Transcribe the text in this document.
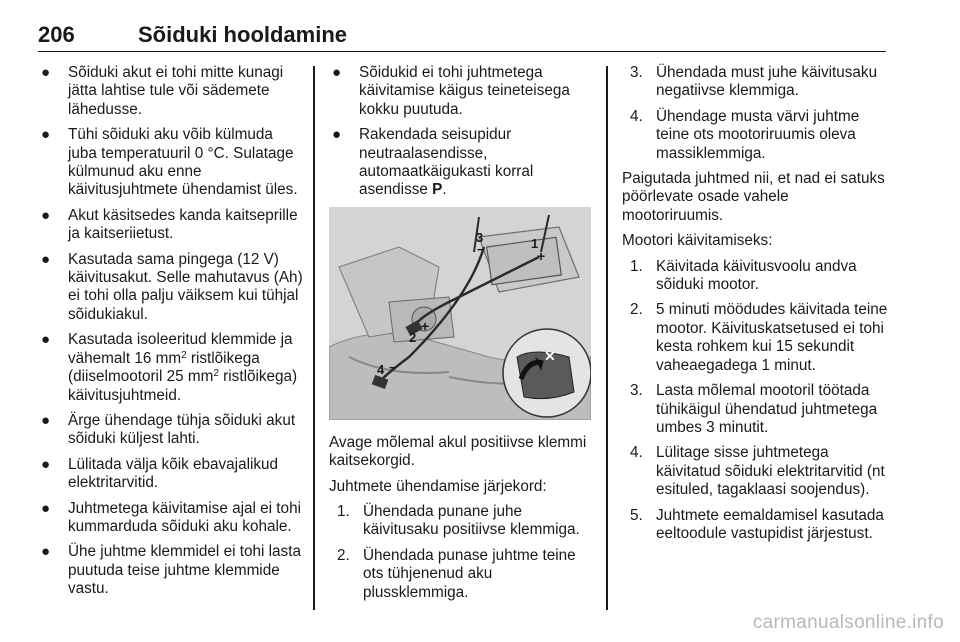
206	Sõiduki hooldamine
● Sõiduki akut ei tohi mitte kunagi jätta lahtise tule või sädemete lähedusse.
● Tühi sõiduki aku võib külmuda juba temperatuuril 0 °C. Sulatage külmunud aku enne käivitusjuhtmete ühendamist üles.
● Akut käsitsedes kanda kaitseprille ja kaitseriietust.
● Kasutada sama pingega (12 V) käivitusakut. Selle mahutavus (Ah) ei tohi olla palju väiksem kui tühjal sõidukiakul.
● Kasutada isoleeritud klemmide ja vähemalt 16 $mm^2$ ristlõikega (diiselmootoril 25 $mm^2$ ristlõikega) käivitusjuhtmeid.
● Ärge ühendage tühja sõiduki akut sõiduki küljest lahti.
● Lülitada välja kõik ebavajalikud elektritarvitid.
● Juhtmetega käivitamise ajal ei tohi kummarduda sõiduki aku kohale.
● Ühe juhtme klemmidel ei tohi lasta puutuda teise juhtme klemmide vastu.
● Sõidukid ei tohi juhtmetega käivitamise käigus teineteisega kokku puutuda.
● Rakendada seisupidur neutraalasendisse, automaatkäigukasti korral asendisse P.
3
−	1
+
2
+
4 −
✕
Avage mõlemal akul positiivse klemmi kaitsekorgid.
Juhtmete ühendamise järjekord:
1. Ühendada punane juhe käivitusaku positiivse klemmiga.
2. Ühendada punase juhtme teine ots tühjenenud aku plussklemmiga.
3. Ühendada must juhe käivitusaku negatiivse klemmiga.
4. Ühendage musta värvi juhtme teine ots mootoriruumis oleva massiklemmiga.
Paigutada juhtmed nii, et nad ei satuks pöörlevate osade vahele mootoriruumis.
Mootori käivitamiseks:
1. Käivitada käivitusvoolu andva sõiduki mootor.
2. 5 minuti möödudes käivitada teine mootor. Käivituskatsetused ei tohi kesta rohkem kui 15 sekundit vaheaegadega 1 minut.
3. Lasta mõlemal mootoril töötada tühikäigul ühendatud juhtmetega umbes 3 minutit.
4. Lülitage sisse juhtmetega käivitatud sõiduki elektritarvitid (nt esituled, tagaklaasi soojendus).
5. Juhtmete eemaldamisel kasutada eeltoodule vastupidist järjestust.
carmanualsonline.info
